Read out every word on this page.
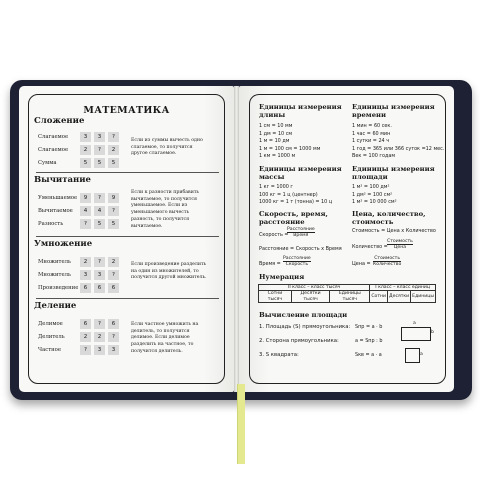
МАТЕМАТИКА
Сложение
Слагаемое	3	3	?
Слагаемое	2	?	2
Сумма	5	5	5
Если из суммы вычесть одно слагаемое, то получится другое слагаемое.
Вычитание
Уменьшаемое	9	?	9
Вычитаемое	4	4	?
Разность	?	5	5
Если к разности прибавить вычитаемое, то получится уменьшаемое. Если из уменьшаемого вычесть разность, то получится вычитаемое.
Умножение
Множитель	2	?	2
Множитель	3	3	?
Произведение 6	6	6
Если произведение разделить на один из множителей, то получится другой множитель.
Деление
Делимое	6	?	6
Делитель	2	2	?
Частное	?	3	3
Если частное умножить на делитель, то получится делимое. Если делимое разделить на частное, то получится делитель.
Единицы измерения длины
Единицы измерения времени
1 см = 10 мм
1 дм = 10 см
1 м = 10 дм
1 м = 100 см = 1000 мм
1 км = 1000 м
1 мин = 60 сек.
1 час = 60 мин
1 сутки = 24 ч
1 год = 365 или 366 суток =12 мес.
Век = 100 годам
Единицы измерения массы
Единицы измерения площади
1 кг = 1000 г
100 кг = 1 ц (центнер)
1000 кг = 1 т (тонна) = 10 ц
1 м² = 100 дм²
1 дм² = 100 см²
1 м² = 10 000 см²
Скорость, время, расстояние
Цена, количество, стоимость
Скорость =
Расстояние
Время
Расстояние = Скорость х Время
Время =
Расстояние
Скорость
Стоимость = Цена х Количество
Количество =
Стоимость
Цена
Цена =
Стоимость
Количество
Нумерация
II класс – класс тысяч			I класс – класс единиц		
Сотни тысяч	Десятки тысяч	Единицы тысяч	Сотни	Десятки	Единицы
Вычисление площади
1. Площадь (S) прямоугольника: Sпр = a · b
2. Сторона прямоугольника:	a = Sпр : b
3. S квадрата:	Sкв = a · a
a
b
a
